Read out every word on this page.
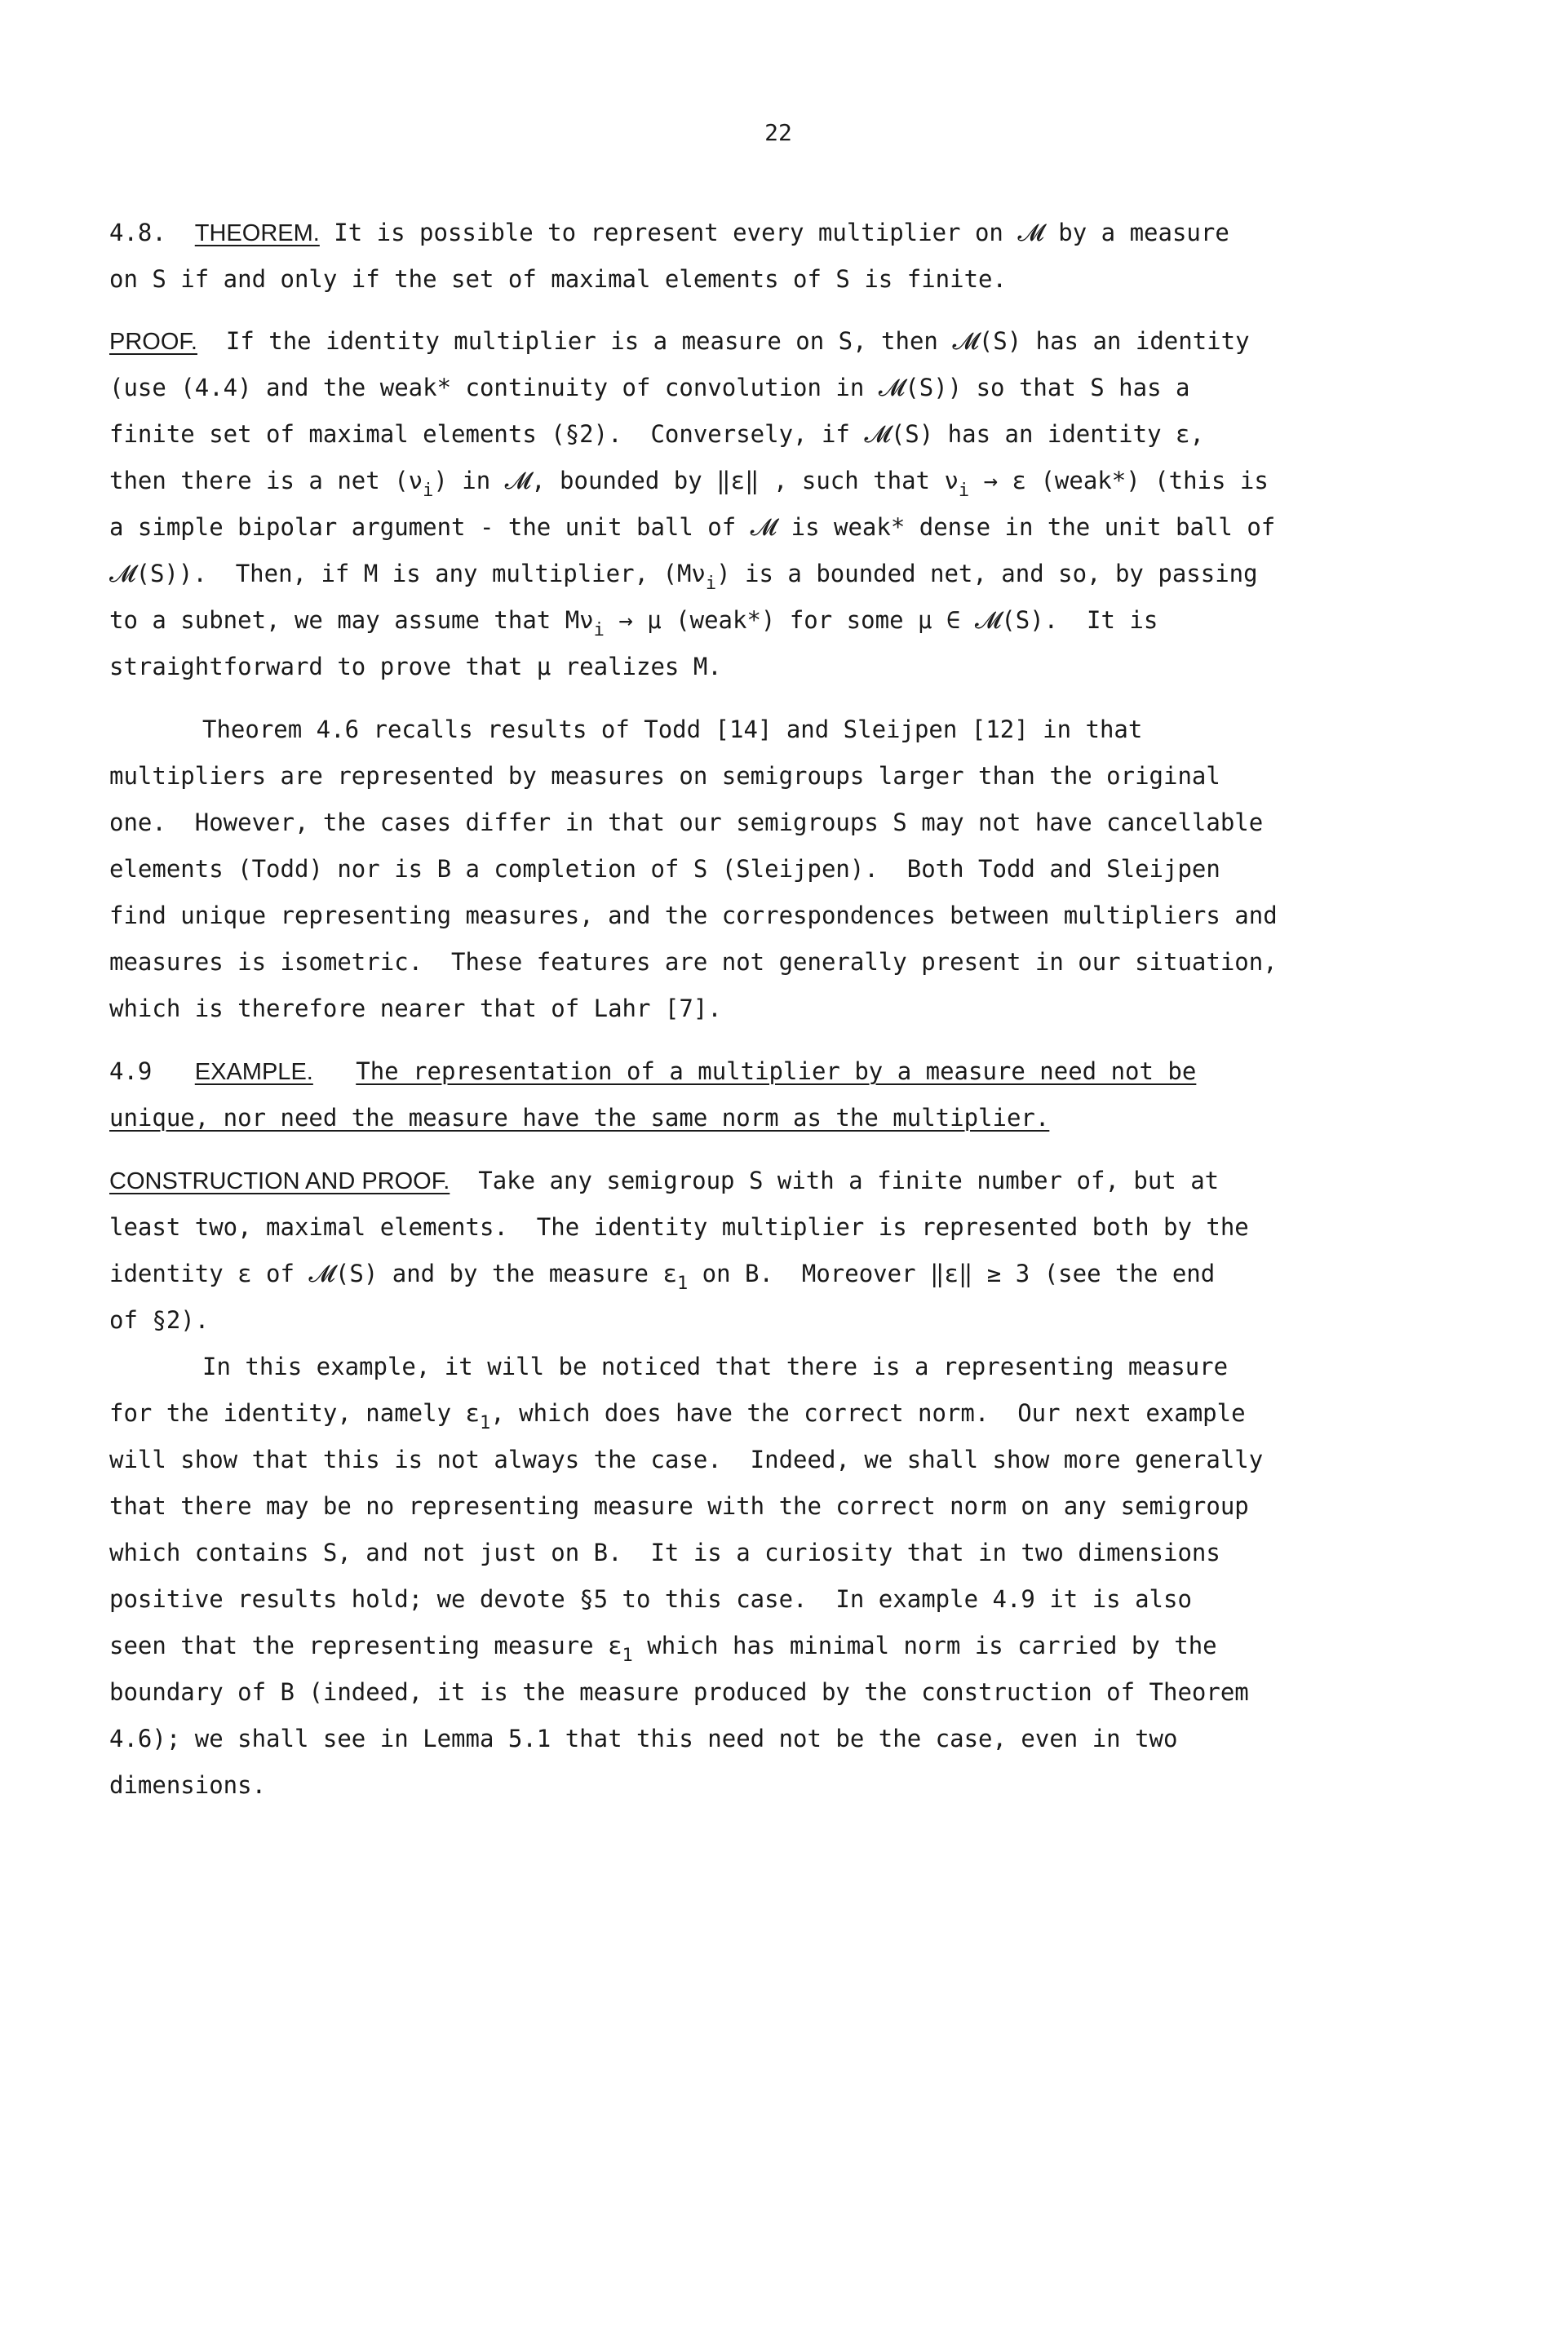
22
4.8. THEOREM. It is possible to represent every multiplier on 𝓜 by a measure
on S if and only if the set of maximal elements of S is finite.
PROOF.  If the identity multiplier is a measure on S, then 𝓜(S) has an identity
(use (4.4) and the weak* continuity of convolution in 𝓜(S)) so that S has a
finite set of maximal elements (§2).  Conversely, if 𝓜(S) has an identity ε,
then there is a net $(\nu_i)$ in 𝓜, bounded by ‖ε‖ , such that $\nu_i \to \varepsilon$ (weak*) (this is
a simple bipolar argument - the unit ball of 𝓜 is weak* dense in the unit ball of
𝓜(S)).  Then, if M is any multiplier, $(M\nu_i)$ is a bounded net, and so, by passing
to a subnet, we may assume that $M\nu_i \to \mu$ (weak*) for some μ ∈ 𝓜(S).  It is
straightforward to prove that μ realizes M.
Theorem 4.6 recalls results of Todd [14] and Sleijpen [12] in that
multipliers are represented by measures on semigroups larger than the original
one.  However, the cases differ in that our semigroups S may not have cancellable
elements (Todd) nor is B a completion of S (Sleijpen).  Both Todd and Sleijpen
find unique representing measures, and the correspondences between multipliers and
measures is isometric.  These features are not generally present in our situation,
which is therefore nearer that of Lahr [7].
4.9 EXAMPLE. The representation of a multiplier by a measure need not be
unique, nor need the measure have the same norm as the multiplier.
CONSTRUCTION AND PROOF.  Take any semigroup S with a finite number of, but at
least two, maximal elements.  The identity multiplier is represented both by the
identity ε of 𝓜(S) and by the measure $\varepsilon_1$ on B.  Moreover ‖ε‖ ≥ 3 (see the end
of §2).
In this example, it will be noticed that there is a representing measure
for the identity, namely $\varepsilon_1$, which does have the correct norm.  Our next example
will show that this is not always the case.  Indeed, we shall show more generally
that there may be no representing measure with the correct norm on any semigroup
which contains S, and not just on B.  It is a curiosity that in two dimensions
positive results hold; we devote §5 to this case.  In example 4.9 it is also
seen that the representing measure $\varepsilon_1$ which has minimal norm is carried by the
boundary of B (indeed, it is the measure produced by the construction of Theorem
4.6); we shall see in Lemma 5.1 that this need not be the case, even in two
dimensions.
